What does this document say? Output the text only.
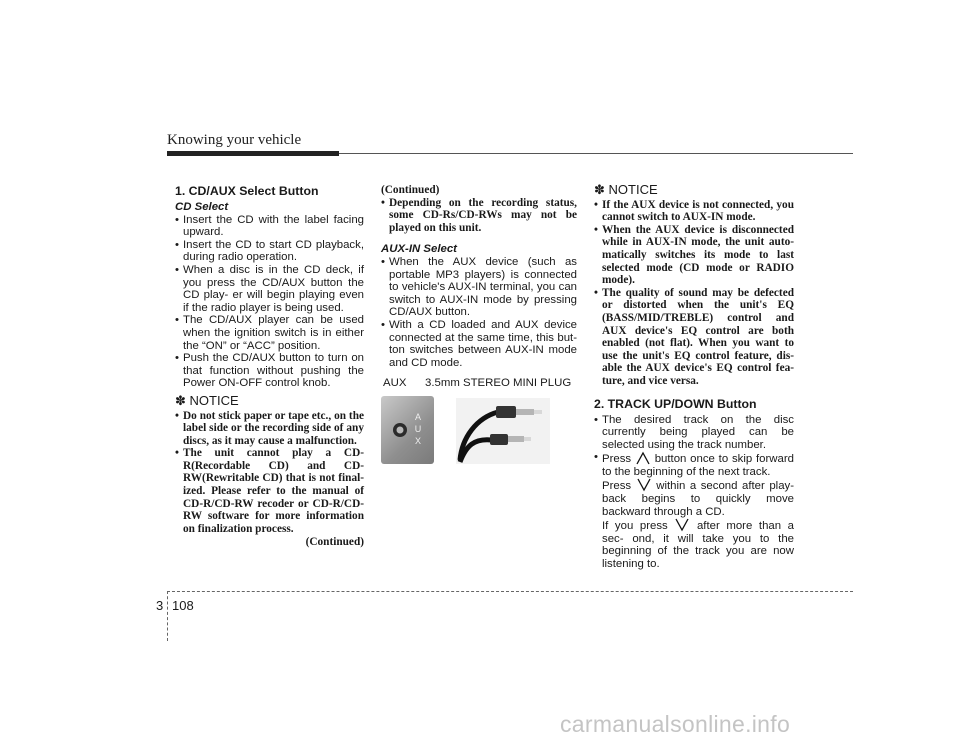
Knowing your vehicle
1. CD/AUX Select Button

CD Select

• Insert the CD with the label facing upward.
• Insert the CD to start CD playback, during radio operation.
• When a disc is in the CD deck, if you press the CD/AUX button the CD play- er will begin playing even if the radio player is being used.
• The CD/AUX player can be used when the ignition switch is in either the “ON” or “ACC” position.
• Push the CD/AUX button to turn on that function without pushing the Power ON-OFF control knob.
✽ NOTICE
• Do not stick paper or tape etc., on the label side or the recording side of any discs, as it may cause a malfunction.
• The unit cannot play a CD-R(Recordable CD) and CD-RW(Rewritable CD) that is not final- ized. Please refer to the manual of CD-R/CD-RW recoder or CD-R/CD-RW software for more information on finalization process.
(Continued)

(Continued)

• Depending on the recording status, some CD-Rs/CD-RWs may not be played on this unit.

AUX-IN Select

• When the AUX device (such as portable MP3 players) is connected to vehicle's AUX-IN terminal, you can switch to AUX-IN mode by pressing CD/AUX button.
• With a CD loaded and AUX device connected at the same time, this but- ton switches between AUX-IN mode and CD mode.
AUX 3.5mm STEREO MINI PLUG
A
U
X
✽ NOTICE
• If the AUX device is not connected, you cannot switch to AUX-IN mode.
• When the AUX device is disconnected while in AUX-IN mode, the unit auto- matically switches its mode to last selected mode (CD mode or RADIO mode).
• The quality of sound may be defected or distorted when the unit's EQ (BASS/MID/TREBLE) control and AUX device's EQ control are both enabled (not flat). When you want to use the unit's EQ control feature, dis- able the AUX device's EQ control fea- ture, and vice versa.
2. TRACK UP/DOWN Button
• The desired track on the disc currently being played can be selected using the track number.
• Press button once to skip forward to the beginning of the next track.
Press within a second after play- back begins to quickly move backward through a CD.
If you press	after more than a sec- ond, it will take you to the beginning of the track you are now listening to.
3 108
carmanualsonline.info
